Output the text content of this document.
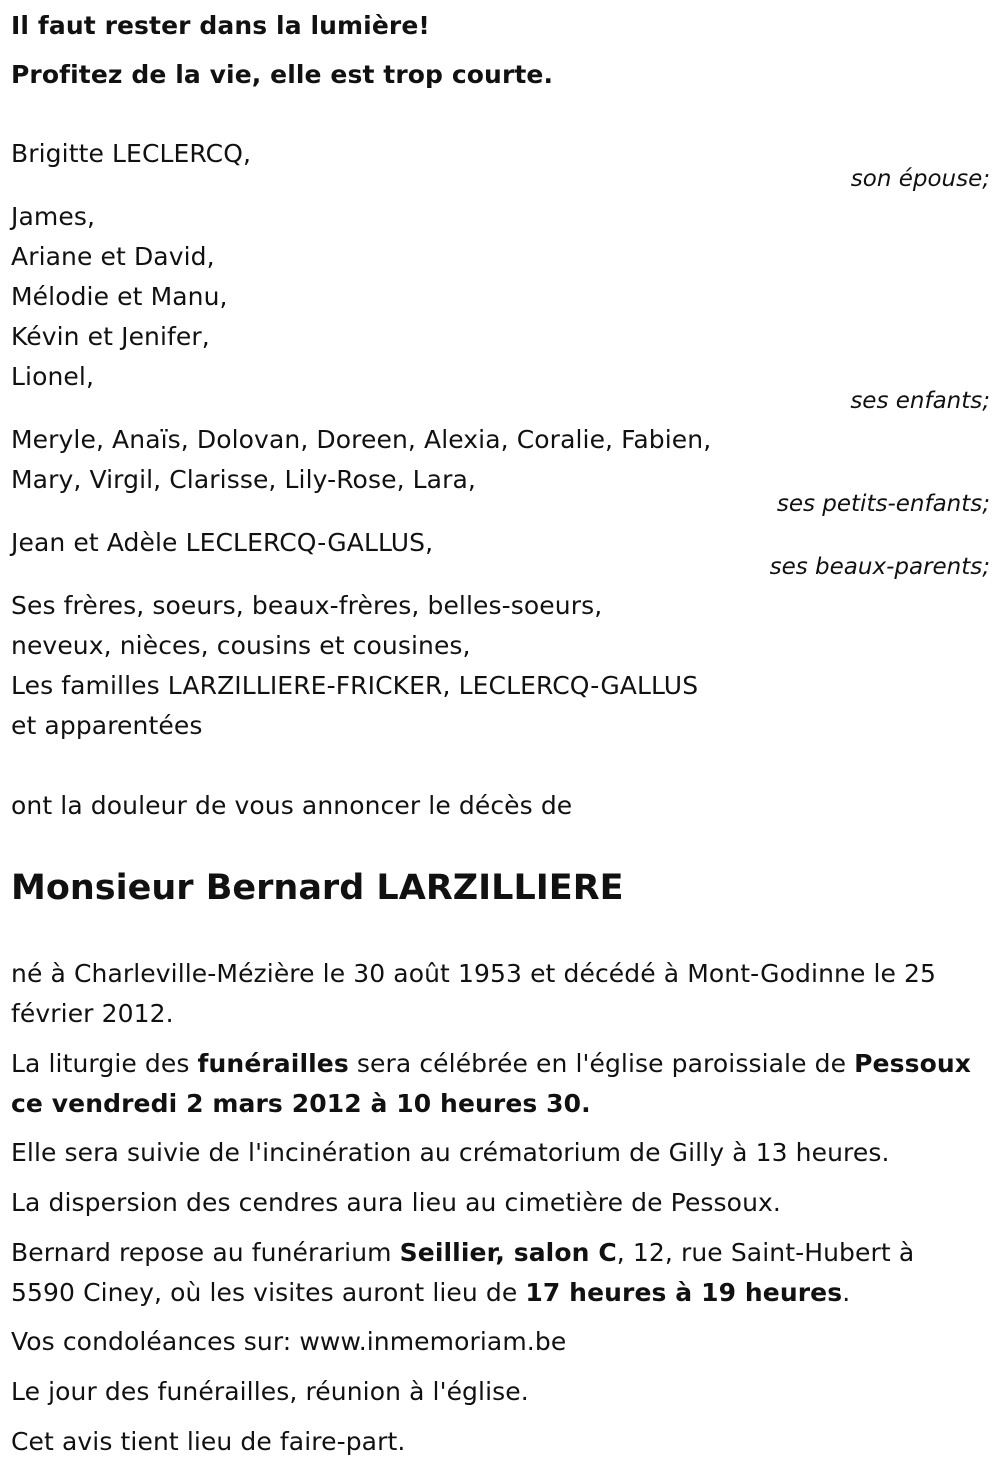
Il faut rester dans la lumière!
Profitez de la vie, elle est trop courte.
Brigitte LECLERCQ,
son épouse;
James,
Ariane et David,
Mélodie et Manu,
Kévin et Jenifer,
Lionel,
ses enfants;
Meryle, Anaïs, Dolovan, Doreen, Alexia, Coralie, Fabien,
Mary, Virgil, Clarisse, Lily-Rose, Lara,
ses petits-enfants;
Jean et Adèle LECLERCQ-GALLUS,
ses beaux-parents;
Ses frères, soeurs, beaux-frères, belles-soeurs,
neveux, nièces, cousins et cousines,
Les familles LARZILLIERE-FRICKER, LECLERCQ-GALLUS
et apparentées
ont la douleur de vous annoncer le décès de
Monsieur Bernard LARZILLIERE
né à Charleville-Mézière le 30 août 1953 et décédé à Mont-Godinne le 25
février 2012.
La liturgie des funérailles sera célébrée en l'église paroissiale de Pessoux
ce vendredi 2 mars 2012 à 10 heures 30.
Elle sera suivie de l'incinération au crématorium de Gilly à 13 heures.
La dispersion des cendres aura lieu au cimetière de Pessoux.
Bernard repose au funérarium Seillier, salon C, 12, rue Saint-Hubert à
5590 Ciney, où les visites auront lieu de 17 heures à 19 heures.
Vos condoléances sur: www.inmemoriam.be
Le jour des funérailles, réunion à l'église.
Cet avis tient lieu de faire-part.
